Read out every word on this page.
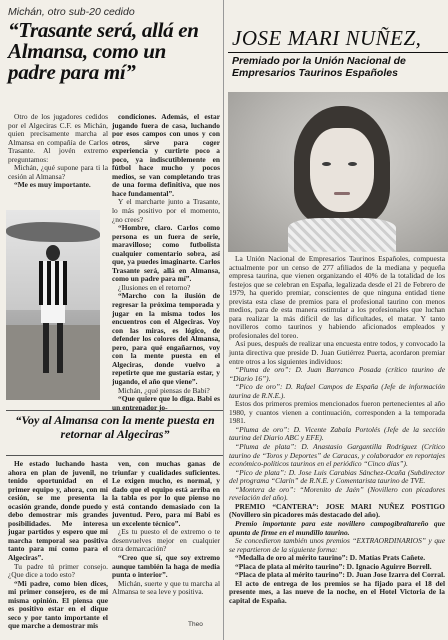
Michán, otro sub-20 cedido
“Trasante será, allá en Almansa, como un padre para mí”

Otro de los jugadores cedidos por el Algeciras C.F. es Michán, quien precisamente marcha al Almansa en compañía de Carlos Trasante. Al jovén extremo preguntamos:

Michán, ¿qué supone para ti la cesión al Almansa?

“Me es muy importante.

condiciones. Además, el estar jugando fuera de casa, luchando por esos campos con unos y con otros, sirve para coger experiencia y curtirte poco a poco, ya indiscutiblemente en fútbol hace mucho y pocos medios, se van completando tras de una forma definitiva, que nos hace fundamental”.

Y el marcharte junto a Trasante, lo más positivo por el momento, ¿no crees?

“Hombre, claro. Carlos como persona es un fuera de serie, maravilloso; como futbolista cualquier comentario sobra, así que, ya puedes imaginarte. Carlos Trasante será, allá en Almansa, como un padre para mí”.

¿Ilusiones en el retorno?

“Marcho con la ilusión de regresar la próxima temporada y jugar en la misma todos los encuentros con el Algeciras. Voy con las miras, es lógico, de defender los colores del Almansa, pero, para qué engañarnos, voy con la mente puesta en el Algeciras, donde vuelvo a repetirte que me gustaría estar, y jugando, el año que viene”.

Michán, ¿qué piensas de Babi?

“Que quiere que lo diga. Babi es un entrenador jo-

“Voy al Almansa con la mente puesta en retornar al Algeciras”

He estado luchando hasta ahora en plan de juvenil, no tenido oportunidad en el primer equipo y, ahora, con mi cesión, se me presenta la ocasión grande, donde puedo y debo demostrar mis grandes posibilidades. Me interesa jugar partidos y espero que mi marcha temporal sea positiva tanto para mí como para el Algeciras”.

Tu padre tú primer consejo. ¿Que dice a todo esto?

“Mi padre, como bien dices, mi primer consejero, es de mi misma opinión. El piensa que es positivo estar en el dique seco y por tanto importante el que marche a demostrar mis

ven, con muchas ganas de triunfar y cualidades suficientes. Le exigen mucho, es normal, y dado que el equipo está arriba en la tabla es por lo que pienso no está contando demasiado con la juventud. Pero, para mí Babi es un excelente técnico”.

¿Es tu puesto el de extremo o te desenvuelves mejor en cualquier otra demarcación?

“Creo que sí, que soy extremo aunque también la haga de media punta o interior”.

Michán, suerte y que tu marcha al Almansa te sea leve y positiva.

Theo
JOSE MARI NUÑEZ,
Premiado por la Unión Nacional de Empresarios Taurinos Españoles

La Unión Nacional de Empresarios Taurinos Españoles, compuesta actualmente por un censo de 277 afiliados de la mediana y pequeña empresa taurina, que vienen organizando el 40% de la totalidad de los festejos que se celebran en España, legalizada desde el 21 de Febrero de 1979, ha querido premiar, conscientes de que ninguna entidad tiene prevista esta clase de premios para el profesional taurino con menos medios, para de esta manera estimular a los profesionales que luchan para realizar la más difícil de las dificultades, el matar. Y tanto novilleros como taurinos y habiendo aficionados empleados y profesionales del toreo.

Así pues, después de realizar una encuesta entre todos, y convocado la junta directiva que preside D. Juan Gutiérrez Puerta, acordaron premiar entre otros a los siguientes individuos:

“Pluma de oro”: D. Juan Barranco Posada (crítico taurino de “Diario 16”).

“Pico de oro”: D. Rafael Campos de España (Jefe de información taurina de R.N.E.).

Estos dos primeros premios mencionados fueron pertenecientes al año 1980, y cuantos vienen a continuación, corresponden a la temporada 1981.

“Pluma de oro”: D. Vicente Zabala Portolés (Jefe de la sección taurina del Diario ABC y EFE).

“Pluma de plata”: D. Anastasio Gargantilla Rodríguez (Crítico taurino de “Toros y Deportes” de Caracas, y colaborador en reportajes económico-políticos taurinos en el periódico “Cinco días”).

“Pico de plata”: D. Jose Luis Carabias Sánchez-Ocaña (Subdirector del programa “Clarín” de R.N.E. y Comentarista taurino de TVE.

“Montera de oro”: “Morenito de Jaén” (Novillero con picadores revelación del año).

PREMIO “CANTERA”: JOSE MARI NUÑEZ POSTIGO (Novillero sin picadores más destacado del año).

Premio importante para este novillero campogibraltareño que apunta de firme en el mundillo taurino.

Se concedieron también unos premios “EXTRAORDINARIOS” y que se repartieron de la siguiente forma:

“Medalla de oro al mérito taurino”: D. Matías Prats Cañete.

“Placa de plata al mérito taurino”: D. Ignacio Aguirre Borrell.

“Placa de plata al mérito taurino”: D. Juan Jose Izarra del Corral.

El acto de entrega de los premios se ha fijado para el 18 del presente mes, a las nueve de la noche, en el Hotel Victoria de la capital de España.
